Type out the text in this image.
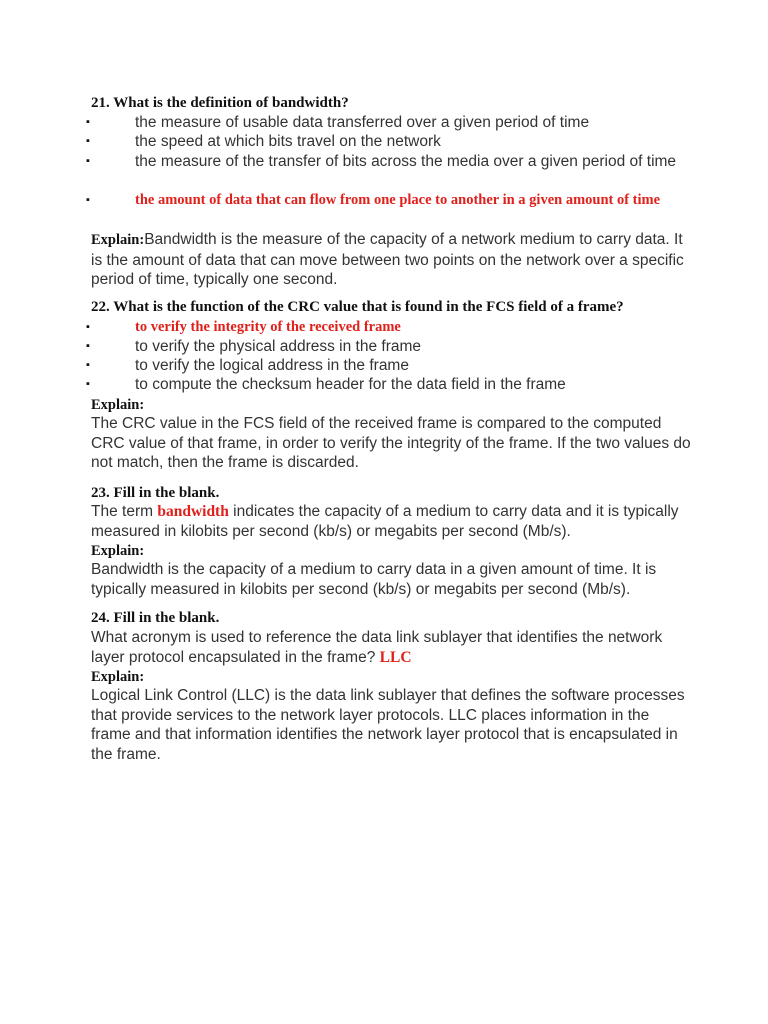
21. What is the definition of bandwidth?
▪	the measure of usable data transferred over a given period of time
▪	the speed at which bits travel on the network
▪	the measure of the transfer of bits across the media over a given period of time
▪	the amount of data that can flow from one place to another in a given amount of time
Explain:Bandwidth is the measure of the capacity of a network medium to carry data. It is the amount of data that can move between two points on the network over a specific period of time, typically one second.
22. What is the function of the CRC value that is found in the FCS field of a frame?
▪	to verify the integrity of the received frame
▪	to verify the physical address in the frame
▪	to verify the logical address in the frame
▪	to compute the checksum header for the data field in the frame
Explain:
The CRC value in the FCS field of the received frame is compared to the computed CRC value of that frame, in order to verify the integrity of the frame. If the two values do not match, then the frame is discarded.
23. Fill in the blank.
The term bandwidth indicates the capacity of a medium to carry data and it is typically measured in kilobits per second (kb/s) or megabits per second (Mb/s).
Explain:
Bandwidth is the capacity of a medium to carry data in a given amount of time. It is typically measured in kilobits per second (kb/s) or megabits per second (Mb/s).
24. Fill in the blank.
What acronym is used to reference the data link sublayer that identifies the network layer protocol encapsulated in the frame? LLC
Explain:
Logical Link Control (LLC) is the data link sublayer that defines the software processes that provide services to the network layer protocols. LLC places information in the frame and that information identifies the network layer protocol that is encapsulated in the frame.
